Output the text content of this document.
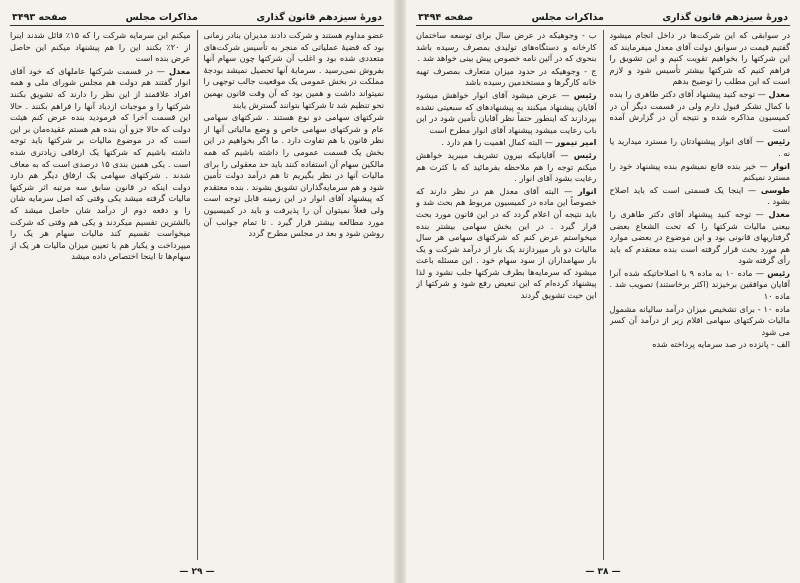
دورهٔ سیزدهم قانون گذاری
مذاکرات مجلس
صفحه ۳۴۹۳

عضو مداوم هستند و شرکت دادند مدیران بنادر زمانی بود که قضیهٔ عملیاتی که منجر به تأسیس شرکت‌های متعددی شده بود و اغلب آن شرکتها چون سهام آنها بفروش نمی‌رسید . سرمایهٔ آنها تحصیل نمیشد بودجهٔ مملکت در بخش عمومی یک موقعیت جالب توجهی را نمیتواند داشت و همین بود که آن وقت قانون بهمین نحو تنظیم شد تا شرکتها بتوانند گسترش یابند

شرکتهای سهامی دو نوع هستند . شرکتهای سهامی عام و شرکتهای سهامی خاص و وضع مالیاتی آنها از نظر قانون با هم تفاوت دارد . ما اگر بخواهیم در این بخش یک قسمت عمومی را داشته باشیم که همه مالکین سهام آن استفاده کنند باید حد معقولی را برای مالیات آنها در نظر بگیریم تا هم درآمد دولت تأمین شود و هم سرمایه‌گذاران تشویق بشوند . بنده معتقدم که پیشنهاد آقای انوار در این زمینه قابل توجه است ولی فعلاً نمیتوان آن را پذیرفت و باید در کمیسیون مورد مطالعه بیشتر قرار گیرد . تا تمام جوانب آن روشن شود و بعد در مجلس مطرح گردد

میکنم این سرمایه شرکت را که ۱۵٪ قائل شدند اینرا از ۲۰٪ بکنند این را هم پیشنهاد میکنم این حاصل عرض بنده است

معدل — در قسمت شرکتها عاملهای که خود آقای انوار گفتند هم دولت هم مجلس شورای ملی و همه افراد علاقمند از این نظر را دارند که تشویق بکنند شرکتها را و موجبات ازدیاد آنها را فراهم بکنند . حالا این قسمت آخرا که فرمودید بنده عرض کنم هیئت دولت که حالا جزو آن بنده هم هستم عقیده‌مان بر این است که در موضوع مالیات بر شرکتها باید توجه داشته باشیم که شرکتها یک ارفاقی زیادتری شده است . یکی همین بندی ۱۵ درصدی است که به معاف شدند . شرکتهای سهامی یک ارفاق دیگر هم دارد دولت اینکه در قانون سابق سه مرتبه اثر شرکتها مالیات گرفته میشد یکی وقتی که اصل سرمایه شان را و دفعه دوم از درآمد شان حاصل میشد که بالشترین تقسیم میکردند و یکی هم وقتی که شرکت میخواست تقسیم کند مالیات سهام هر یک را میپرداخت و یکبار هم با تعیین میزان مالیات هر یک از سهام‌ها تا اینجا اختصاص داده میشد

— ۲۹ —
دورهٔ سیزدهم قانون گذاری
مذاکرات مجلس
صفحه ۳۴۹۴

در سوابقی که این شرکت‌ها در داخل انجام میشود گفتیم قیمت در سوابق دولت آقای معدل میفرمایند که این شرکتها را بخواهیم تقویت کنیم و این تشویق را فراهم کنیم که شرکتها بیشتر تأسیس شود و لازم است که این مطلب را توضیح بدهم

معدل — توجه کنید پیشنهاد آقای دکتر طاهری را بنده با کمال تشکر قبول دارم ولی در قسمت دیگر آن در کمیسیون مذاکره شده و نتیجه آن در گزارش آمده است

رئیس — آقای انوار پیشنهادتان را مسترد میدارید یا نه .

انوار — خیر بنده قانع نمیشوم بنده پیشنهاد خود را مسترد نمیکنم

طوسی — اینجا یک قسمتی است که باید اصلاح بشود .

معدل — توجه کنید پیشنهاد آقای دکتر طاهری را بیعنی مالیات شرکتها را که تحت الشعاع بعضی گرفتاریهای قانونی بود و این موضوع در بعضی موارد هم مورد بحث قرار گرفته است بنده معتقدم که باید رأی گرفته شود

رئیس — ماده ۱۰ به ماده ۹ با اصلاحاتیکه شده آنرا آقایان موافقین برخیزند (اکثر برخاستند) تصویب شد . ماده ۱۰

ماده ۱۰ - برای تشخیص میزان درآمد سالیانه مشمول مالیات شرکتهای سهامی اقلام زیر از درآمد آن کسر می شود

الف - پانزده در صد سرمایه پرداخته شده

ب - وجوهیکه در عرض سال برای توسعه ساختمان کارخانه و دستگاه‌های تولیدی بمصرف رسیده باشد بنحوی که در آئین نامه خصوص پیش بینی خواهد شد .

ج - وجوهیکه در حدود میزان متعارف بمصرف تهیه خانه کارگرها و مستخدمین رسیده باشد

رئیس — عرض میشود آقای انوار خواهش میشود آقایان پیشنهاد میکنند به پیشنهادهای که سبعیتی نشده بپردازند که اینطور حتماً نظر آقایان تأمین شود در این باب رعایت میشود پیشنهاد آقای انوار مطرح است

امیر تیمور — البته کمال اهمیت را هم دارد .

رئیس — آقایانیکه بیرون تشریف میبرید خواهش میکنم توجه را هم ملاحظه بفرمائید که با کثرت هم رعایت بشود آقای انوار .

انوار — البته آقای معدل هم در نظر دارند که خصوصاً این ماده در کمیسیون مربوط هم بحث شد و باید نتیجه آن اعلام گردد که در این قانون مورد بحث قرار گیرد . در این بخش سهامی بیشتر بنده میخواستم عرض کنم که شرکتهای سهامی هر سال مالیات دو بار میپردازند یک بار از درآمد شرکت و یک بار سهامداران از سود سهام خود . این مسئله باعث میشود که سرمایه‌ها بطرف شرکتها جلب نشود و لذا پیشنهاد کرده‌ام که این تبعیض رفع شود و شرکتها از این حیث تشویق گردند

— ۳۸ —
